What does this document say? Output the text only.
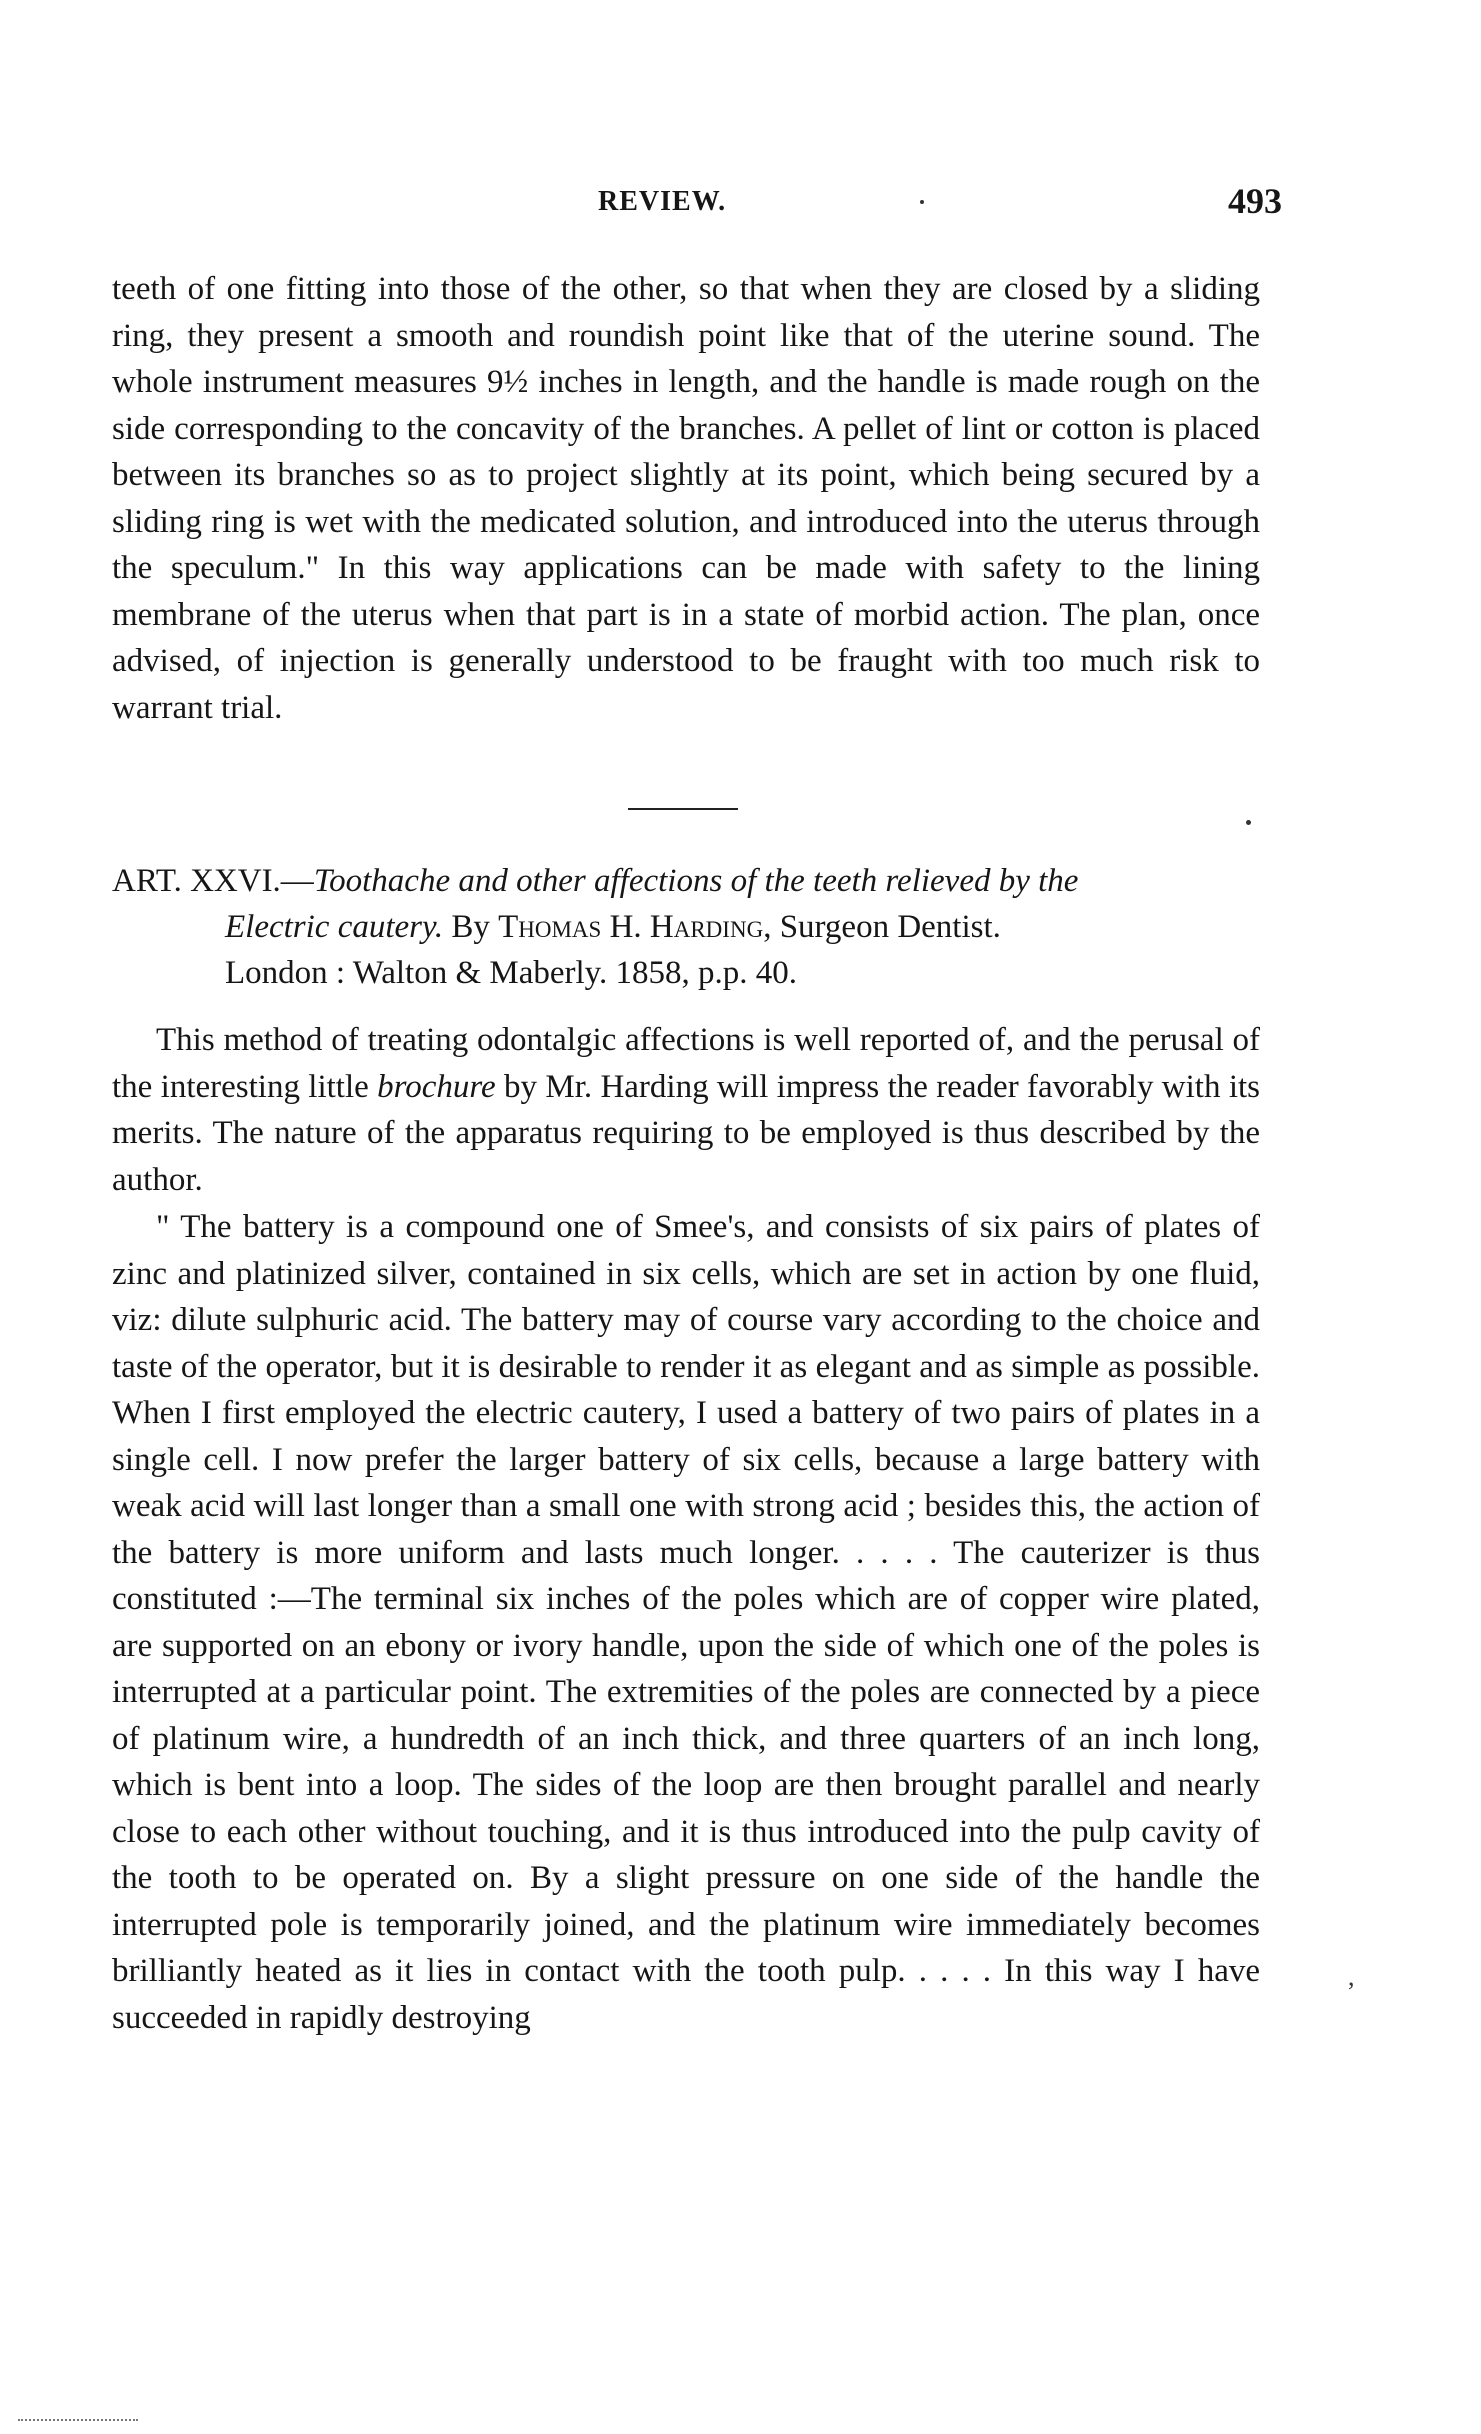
REVIEW.	493

teeth of one fitting into those of the other, so that when they are closed by a sliding ring, they present a smooth and roundish point like that of the uterine sound. The whole instrument measures 9½ inches in length, and the handle is made rough on the side corresponding to the concavity of the branches. A pellet of lint or cotton is placed between its branches so as to project slightly at its point, which being secured by a sliding ring is wet with the medicated solution, and introduced into the uterus through the speculum." In this way applications can be made with safety to the lining membrane of the uterus when that part is in a state of morbid action. The plan, once advised, of injection is generally understood to be fraught with too much risk to warrant trial.

ART. XXVI.—Toothache and other affections of the teeth relieved by the
Electric cautery. By Thomas H. Harding, Surgeon Dentist.
London : Walton & Maberly. 1858, p.p. 40.

This method of treating odontalgic affections is well reported of, and the perusal of the interesting little brochure by Mr. Harding will impress the reader favorably with its merits. The nature of the apparatus requiring to be employed is thus described by the author.

" The battery is a compound one of Smee's, and consists of six pairs of plates of zinc and platinized silver, contained in six cells, which are set in action by one fluid, viz: dilute sulphuric acid. The battery may of course vary according to the choice and taste of the operator, but it is desirable to render it as elegant and as simple as possible. When I first employed the electric cautery, I used a battery of two pairs of plates in a single cell. I now prefer the larger battery of six cells, because a large battery with weak acid will last longer than a small one with strong acid ; besides this, the action of the battery is more uniform and lasts much longer. . . . . The cauterizer is thus constituted :—The terminal six inches of the poles which are of copper wire plated, are supported on an ebony or ivory handle, upon the side of which one of the poles is interrupted at a particular point. The extremities of the poles are connected by a piece of platinum wire, a hundredth of an inch thick, and three quarters of an inch long, which is bent into a loop. The sides of the loop are then brought parallel and nearly close to each other without touching, and it is thus introduced into the pulp cavity of the tooth to be operated on. By a slight pressure on one side of the handle the interrupted pole is temporarily joined, and the platinum wire immediately becomes brilliantly heated as it lies in contact with the tooth pulp. . . . . In this way I have succeeded in rapidly destroying

,
